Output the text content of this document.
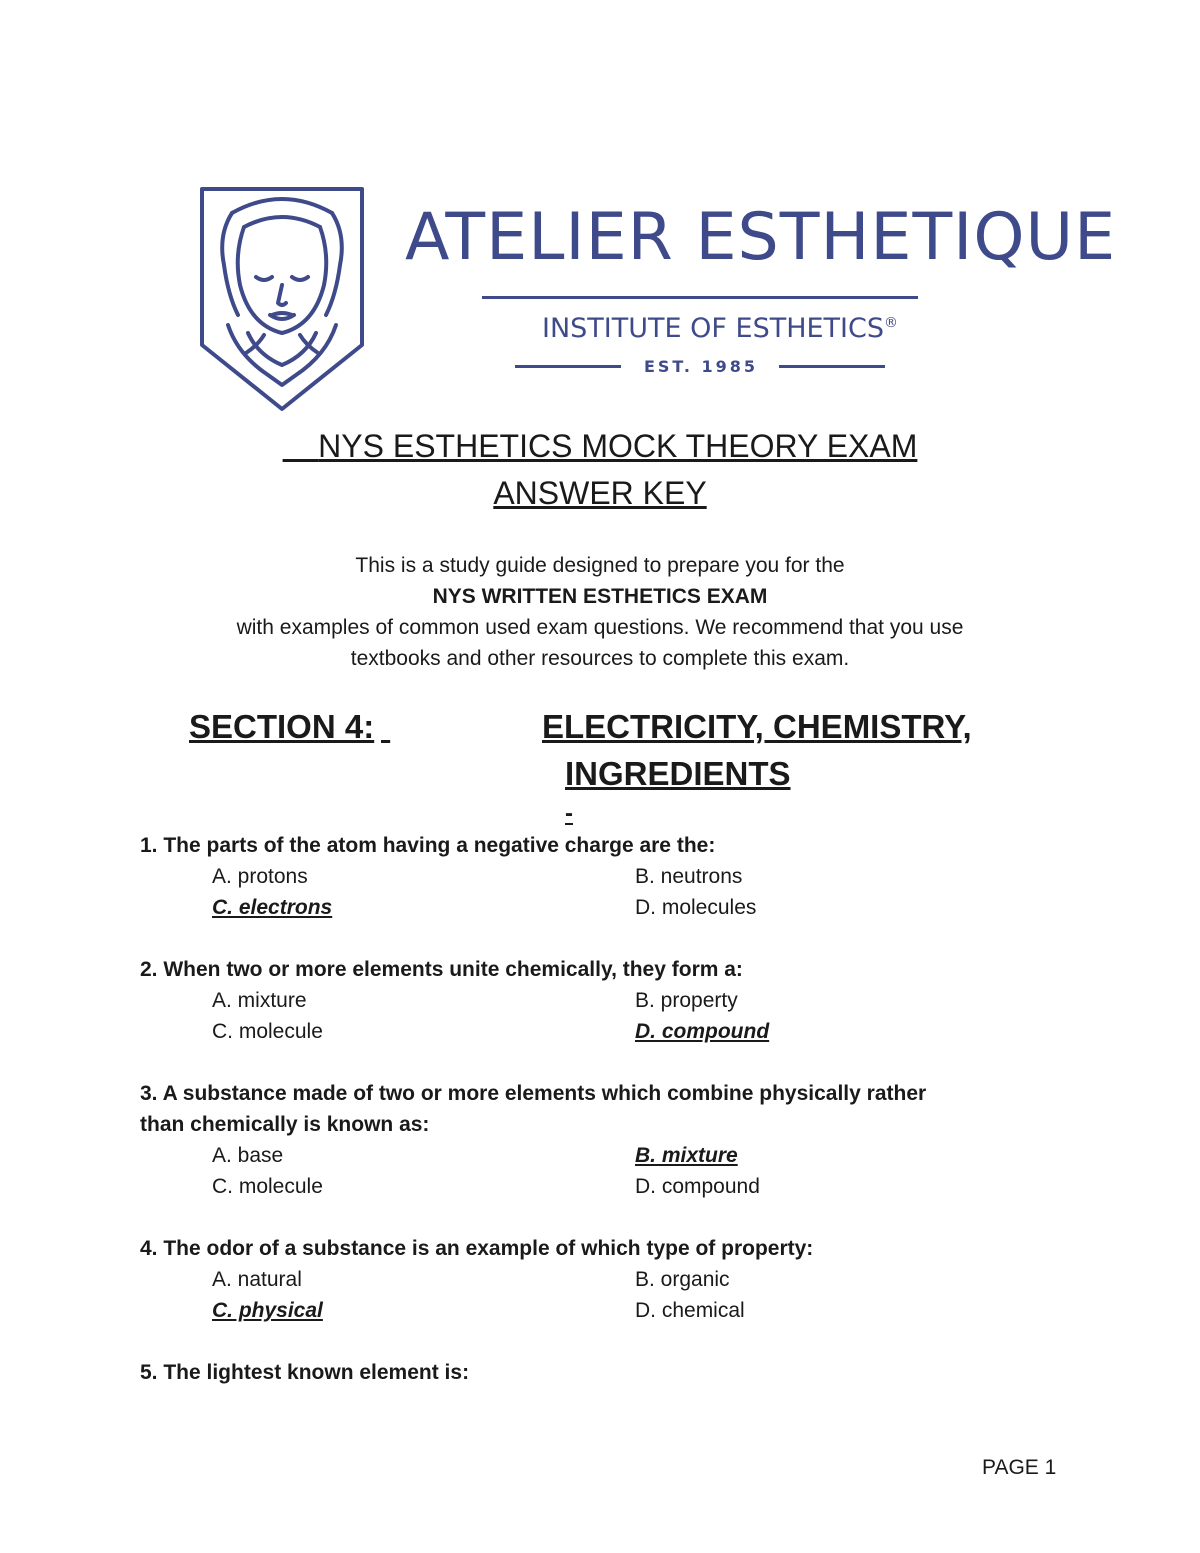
ATELIER ESTHETIQUE
INSTITUTE OF ESTHETICS®
EST. 1985
NYS ESTHETICS MOCK THEORY EXAM
ANSWER KEY
This is a study guide designed to prepare you for the
NYS WRITTEN ESTHETICS EXAM
with examples of common used exam questions. We recommend that you use
textbooks and other resources to complete this exam.
SECTION 4:
	ELECTRICITY, CHEMISTRY,
INGREDIENTS
-
1. The parts of the atom having a negative charge are the:
A. protons	B. neutrons
C. electrons	D. molecules
2. When two or more elements unite chemically, they form a:
A. mixture	B. property
C. molecule	D. compound
3. A substance made of two or more elements which combine physically rather
than chemically is known as:
A. base	B. mixture
C. molecule	D. compound
4. The odor of a substance is an example of which type of property:
A. natural	B. organic
C. physical	D. chemical
5. The lightest known element is:
PAGE 1
